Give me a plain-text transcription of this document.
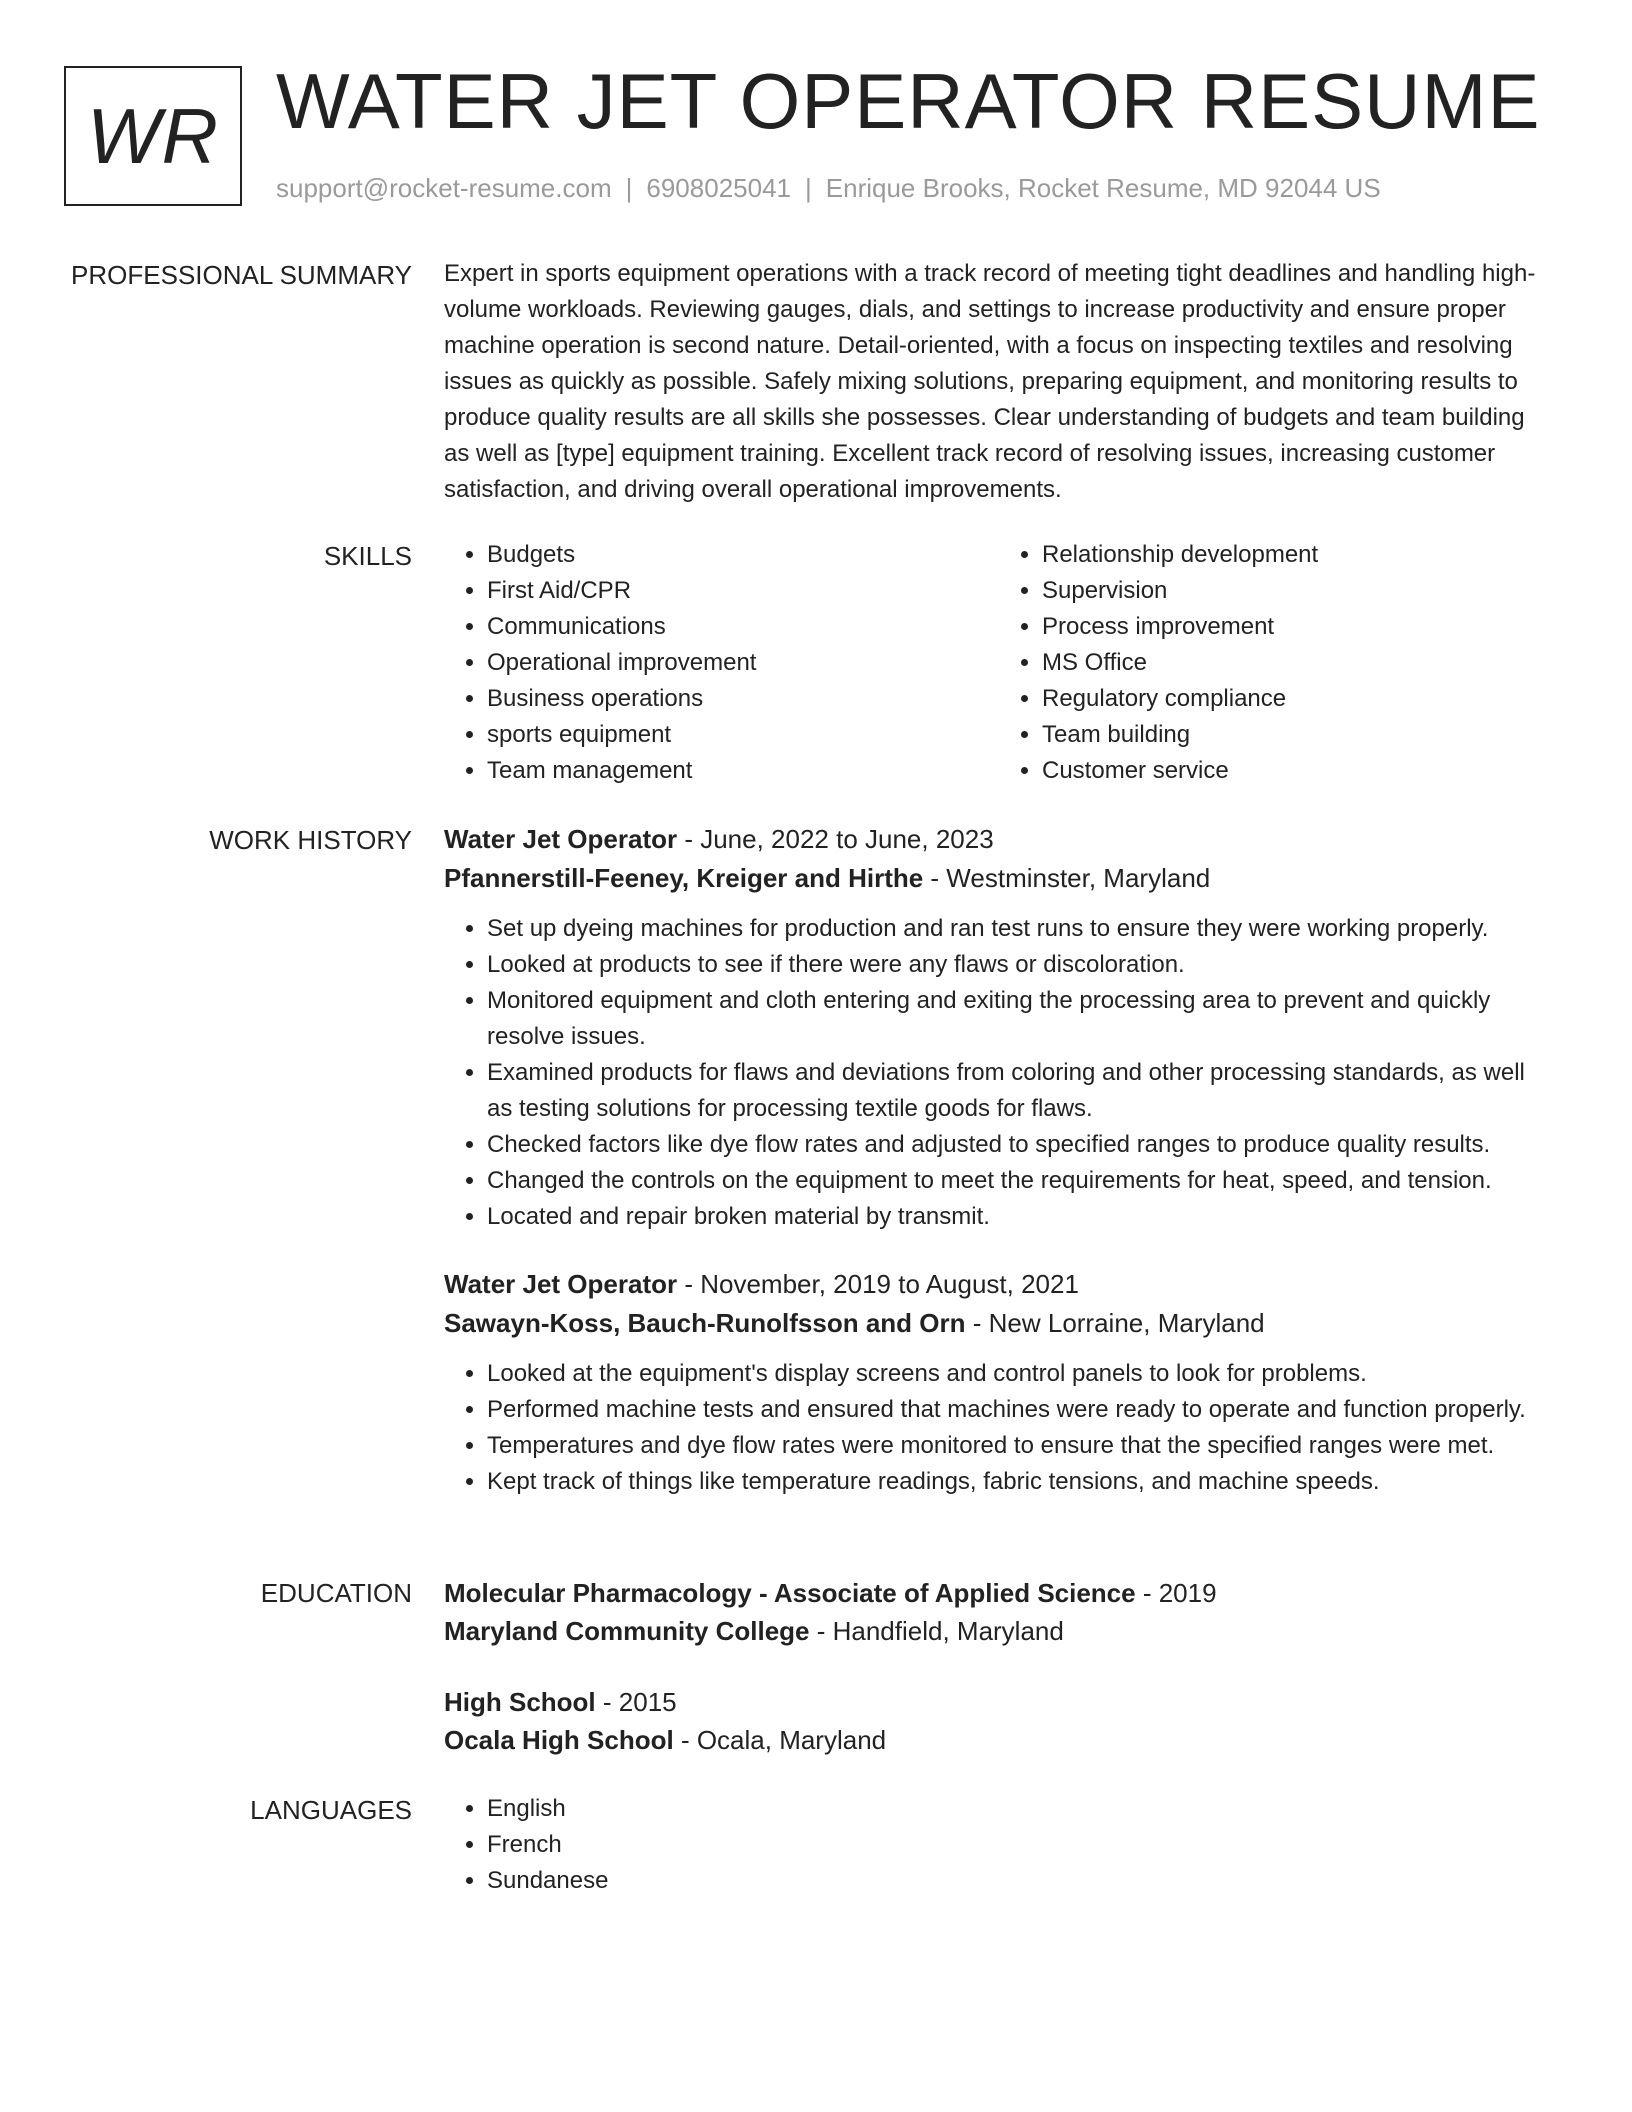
WR WATER JET OPERATOR RESUME
support@rocket-resume.com | 6908025041 | Enrique Brooks, Rocket Resume, MD 92044 US
PROFESSIONAL SUMMARY Expert in sports equipment operations with a track record of meeting tight deadlines and handling high-volume workloads. Reviewing gauges, dials, and settings to increase productivity and ensure proper machine operation is second nature. Detail-oriented, with a focus on inspecting textiles and resolving issues as quickly as possible. Safely mixing solutions, preparing equipment, and monitoring results to produce quality results are all skills she possesses. Clear understanding of budgets and team building as well as [type] equipment training. Excellent track record of resolving issues, increasing customer satisfaction, and driving overall operational improvements.

SKILLS	• Budgets
• First Aid/CPR
• Communications
• Operational improvement
• Business operations
• sports equipment
• Team management
• Relationship development
• Supervision
• Process improvement
• MS Office
• Regulatory compliance
• Team building
• Customer service
WORK HISTORY Water Jet Operator - June, 2022 to June, 2023
Pfannerstill-Feeney, Kreiger and Hirthe - Westminster, Maryland
• Set up dyeing machines for production and ran test runs to ensure they were working properly.
• Looked at products to see if there were any flaws or discoloration.
• Monitored equipment and cloth entering and exiting the processing area to prevent and quickly resolve issues.
• Examined products for flaws and deviations from coloring and other processing standards, as well as testing solutions for processing textile goods for flaws.
• Checked factors like dye flow rates and adjusted to specified ranges to produce quality results.
• Changed the controls on the equipment to meet the requirements for heat, speed, and tension.
• Located and repair broken material by transmit.
Water Jet Operator - November, 2019 to August, 2021
Sawayn-Koss, Bauch-Runolfsson and Orn - New Lorraine, Maryland
• Looked at the equipment's display screens and control panels to look for problems.
• Performed machine tests and ensured that machines were ready to operate and function properly.
• Temperatures and dye flow rates were monitored to ensure that the specified ranges were met.
• Kept track of things like temperature readings, fabric tensions, and machine speeds.
EDUCATION Molecular Pharmacology - Associate of Applied Science - 2019
Maryland Community College - Handfield, Maryland
High School - 2015
Ocala High School - Ocala, Maryland
LANGUAGES	• English
• French
• Sundanese
